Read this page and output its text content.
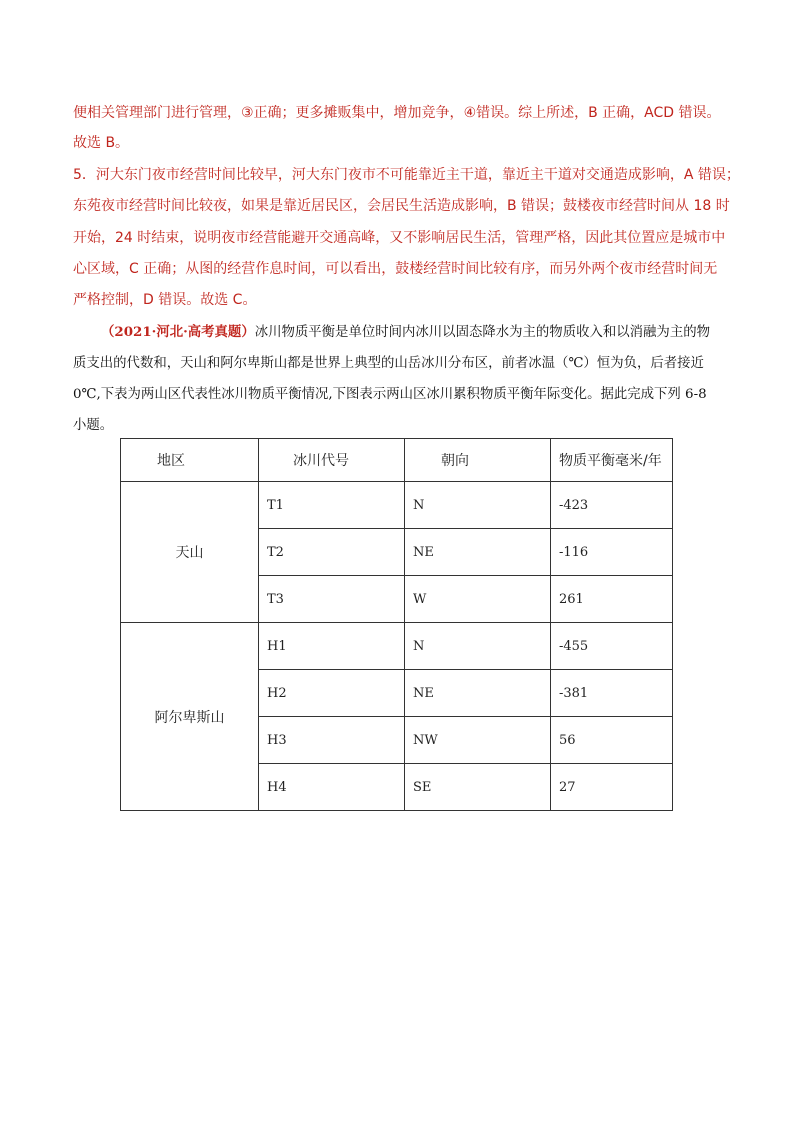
便相关管理部门进行管理，③正确；更多摊贩集中，增加竞争，④错误。综上所述，B 正确，ACD 错误。
故选 B。
5．河大东门夜市经营时间比较早，河大东门夜市不可能靠近主干道，靠近主干道对交通造成影响，A 错误；
东苑夜市经营时间比较夜，如果是靠近居民区，会居民生活造成影响，B 错误；鼓楼夜市经营时间从 18 时
开始，24 时结束，说明夜市经营能避开交通高峰，又不影响居民生活，管理严格，因此其位置应是城市中
心区域，C 正确；从图的经营作息时间，可以看出，鼓楼经营时间比较有序，而另外两个夜市经营时间无
严格控制，D 错误。故选 C。
（2021·河北·高考真题）冰川物质平衡是单位时间内冰川以固态降水为主的物质收入和以消融为主的物
质支出的代数和，天山和阿尔卑斯山都是世界上典型的山岳冰川分布区，前者冰温（℃）恒为负，后者接近
0℃,下表为两山区代表性冰川物质平衡情况,下图表示两山区冰川累积物质平衡年际变化。据此完成下列 6-8
小题。
地区	冰川代号	朝向	物质平衡毫米/年
天山	T1	N	-423
	T2	NE	-116
	T3	W	261
阿尔卑斯山	H1	N	-455
	H2	NE	-381
	H3	NW	56
	H4	SE	27
